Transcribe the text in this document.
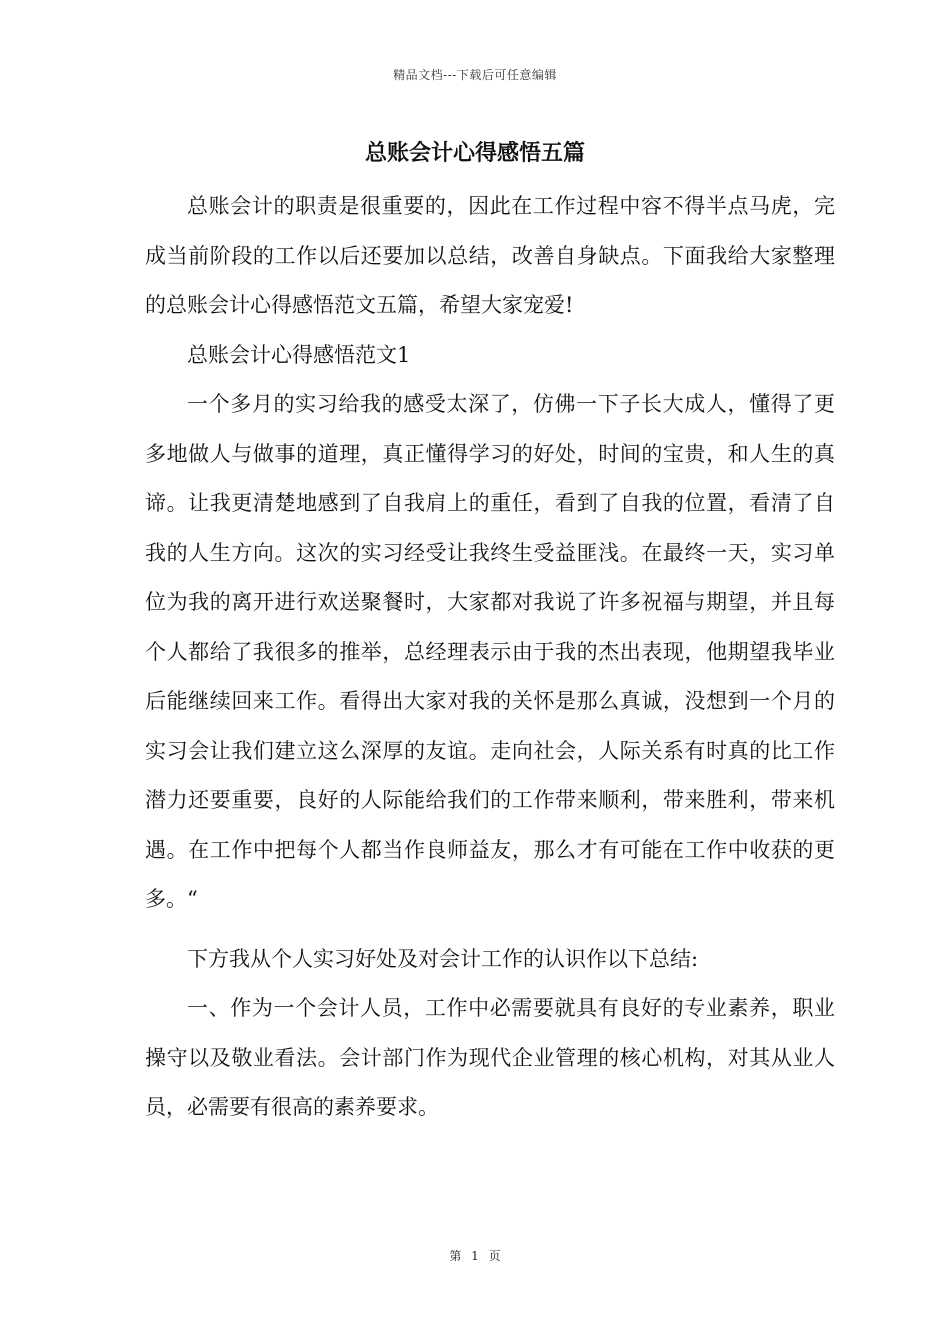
精品文档---下载后可任意编辑
总账会计心得感悟五篇

总账会计的职责是很重要的，因此在工作过程中容不得半点马虎，完成当前阶段的工作以后还要加以总结，改善自身缺点。下面我给大家整理的总账会计心得感悟范文五篇，希望大家宠爱!

总账会计心得感悟范文1

一个多月的实习给我的感受太深了，仿佛一下子长大成人，懂得了更多地做人与做事的道理，真正懂得学习的好处，时间的宝贵，和人生的真谛。让我更清楚地感到了自我肩上的重任，看到了自我的位置，看清了自我的人生方向。这次的实习经受让我终生受益匪浅。在最终一天，实习单位为我的离开进行欢送聚餐时，大家都对我说了许多祝福与期望，并且每个人都给了我很多的推举，总经理表示由于我的杰出表现，他期望我毕业后能继续回来工作。看得出大家对我的关怀是那么真诚，没想到一个月的实习会让我们建立这么深厚的友谊。走向社会，人际关系有时真的比工作潜力还要重要，良好的人际能给我们的工作带来顺利，带来胜利，带来机遇。在工作中把每个人都当作良师益友，那么才有可能在工作中收获的更多。“

下方我从个人实习好处及对会计工作的认识作以下总结:

一、作为一个会计人员，工作中必需要就具有良好的专业素养，职业操守以及敬业看法。会计部门作为现代企业管理的核心机构，对其从业人员，必需要有很高的素养要求。

第 1 页
